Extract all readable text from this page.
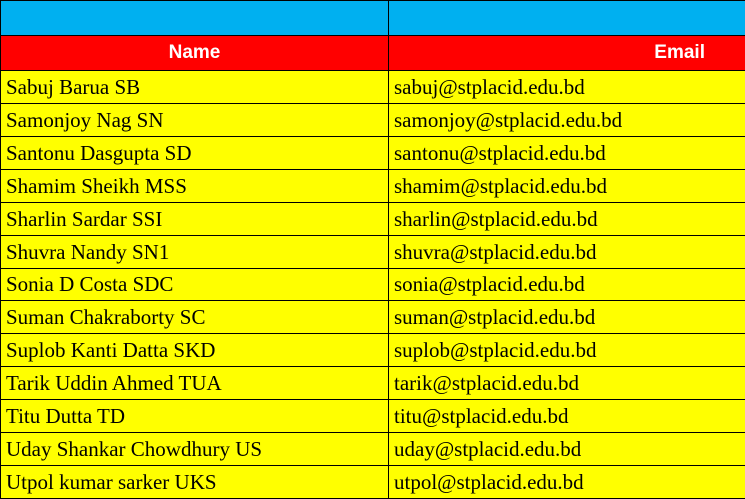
Name	Email
Sabuj Barua SB	sabuj@stplacid.edu.bd
Samonjoy Nag SN	samonjoy@stplacid.edu.bd
Santonu Dasgupta SD	santonu@stplacid.edu.bd
Shamim Sheikh MSS	shamim@stplacid.edu.bd
Sharlin Sardar SSI	sharlin@stplacid.edu.bd
Shuvra Nandy SN1	shuvra@stplacid.edu.bd
Sonia D Costa SDC	sonia@stplacid.edu.bd
Suman Chakraborty SC	suman@stplacid.edu.bd
Suplob Kanti Datta SKD	suplob@stplacid.edu.bd
Tarik Uddin Ahmed TUA	tarik@stplacid.edu.bd
Titu Dutta TD	titu@stplacid.edu.bd
Uday Shankar Chowdhury US	uday@stplacid.edu.bd
Utpol kumar sarker UKS	utpol@stplacid.edu.bd
